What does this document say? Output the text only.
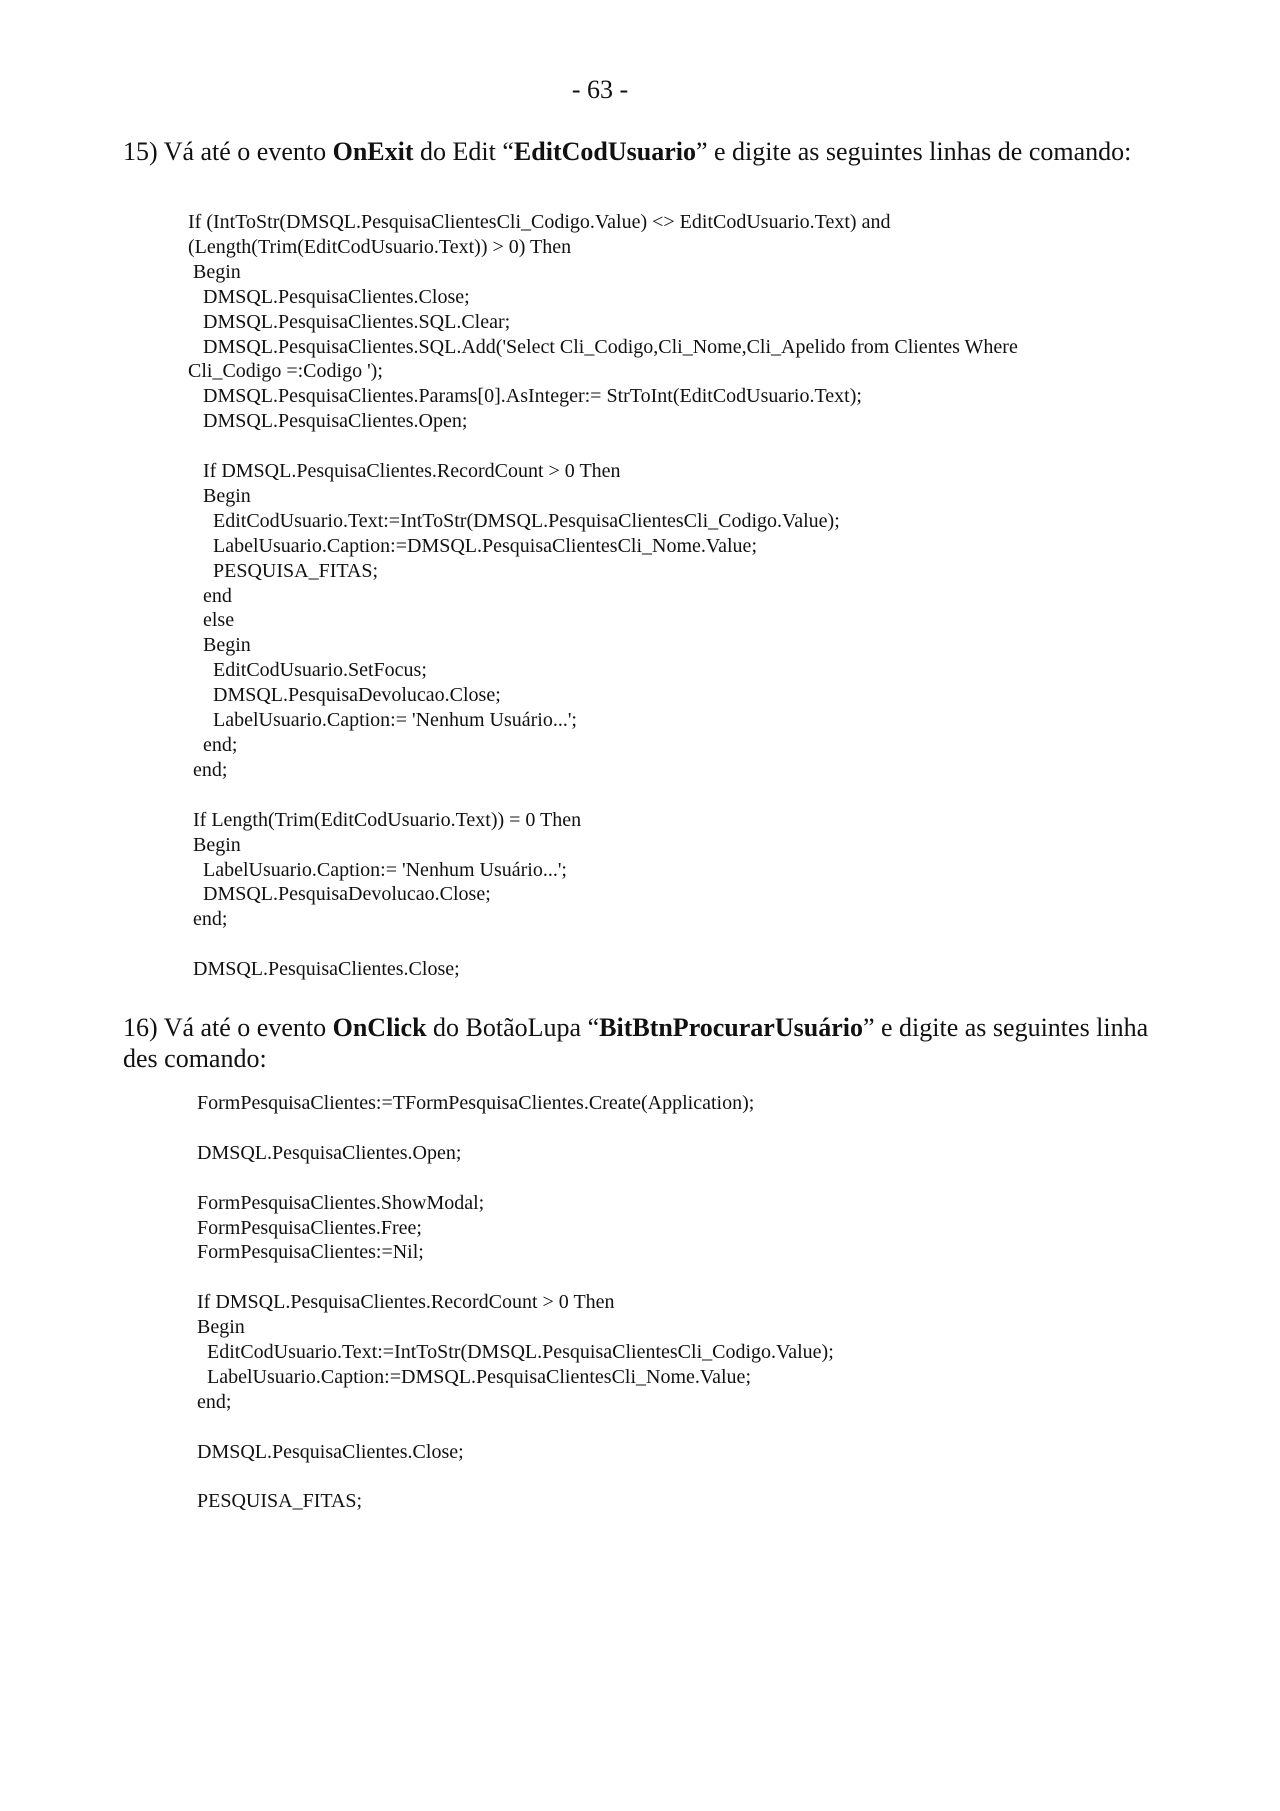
- 63 -

15) Vá até o evento OnExit do Edit “EditCodUsuario” e digite as seguintes linhas de comando:

If (IntToStr(DMSQL.PesquisaClientesCli_Codigo.Value) <> EditCodUsuario.Text) and
(Length(Trim(EditCodUsuario.Text)) > 0) Then
Begin
DMSQL.PesquisaClientes.Close;
DMSQL.PesquisaClientes.SQL.Clear;
DMSQL.PesquisaClientes.SQL.Add('Select Cli_Codigo,Cli_Nome,Cli_Apelido from Clientes Where
Cli_Codigo =:Codigo ');
DMSQL.PesquisaClientes.Params[0].AsInteger:= StrToInt(EditCodUsuario.Text);
DMSQL.PesquisaClientes.Open;
If DMSQL.PesquisaClientes.RecordCount > 0 Then
Begin
EditCodUsuario.Text:=IntToStr(DMSQL.PesquisaClientesCli_Codigo.Value);
LabelUsuario.Caption:=DMSQL.PesquisaClientesCli_Nome.Value;
PESQUISA_FITAS;
end
else
Begin
EditCodUsuario.SetFocus;
DMSQL.PesquisaDevolucao.Close;
LabelUsuario.Caption:= 'Nenhum Usuário...';
end;
end;
If Length(Trim(EditCodUsuario.Text)) = 0 Then
Begin
LabelUsuario.Caption:= 'Nenhum Usuário...';
DMSQL.PesquisaDevolucao.Close;
end;
DMSQL.PesquisaClientes.Close;

16) Vá até o evento OnClick do BotãoLupa “BitBtnProcurarUsuário” e digite as seguintes linha des comando:

FormPesquisaClientes:=TFormPesquisaClientes.Create(Application);
DMSQL.PesquisaClientes.Open;
FormPesquisaClientes.ShowModal;
FormPesquisaClientes.Free;
FormPesquisaClientes:=Nil;
If DMSQL.PesquisaClientes.RecordCount > 0 Then
Begin
EditCodUsuario.Text:=IntToStr(DMSQL.PesquisaClientesCli_Codigo.Value);
LabelUsuario.Caption:=DMSQL.PesquisaClientesCli_Nome.Value;
end;
DMSQL.PesquisaClientes.Close;
PESQUISA_FITAS;
